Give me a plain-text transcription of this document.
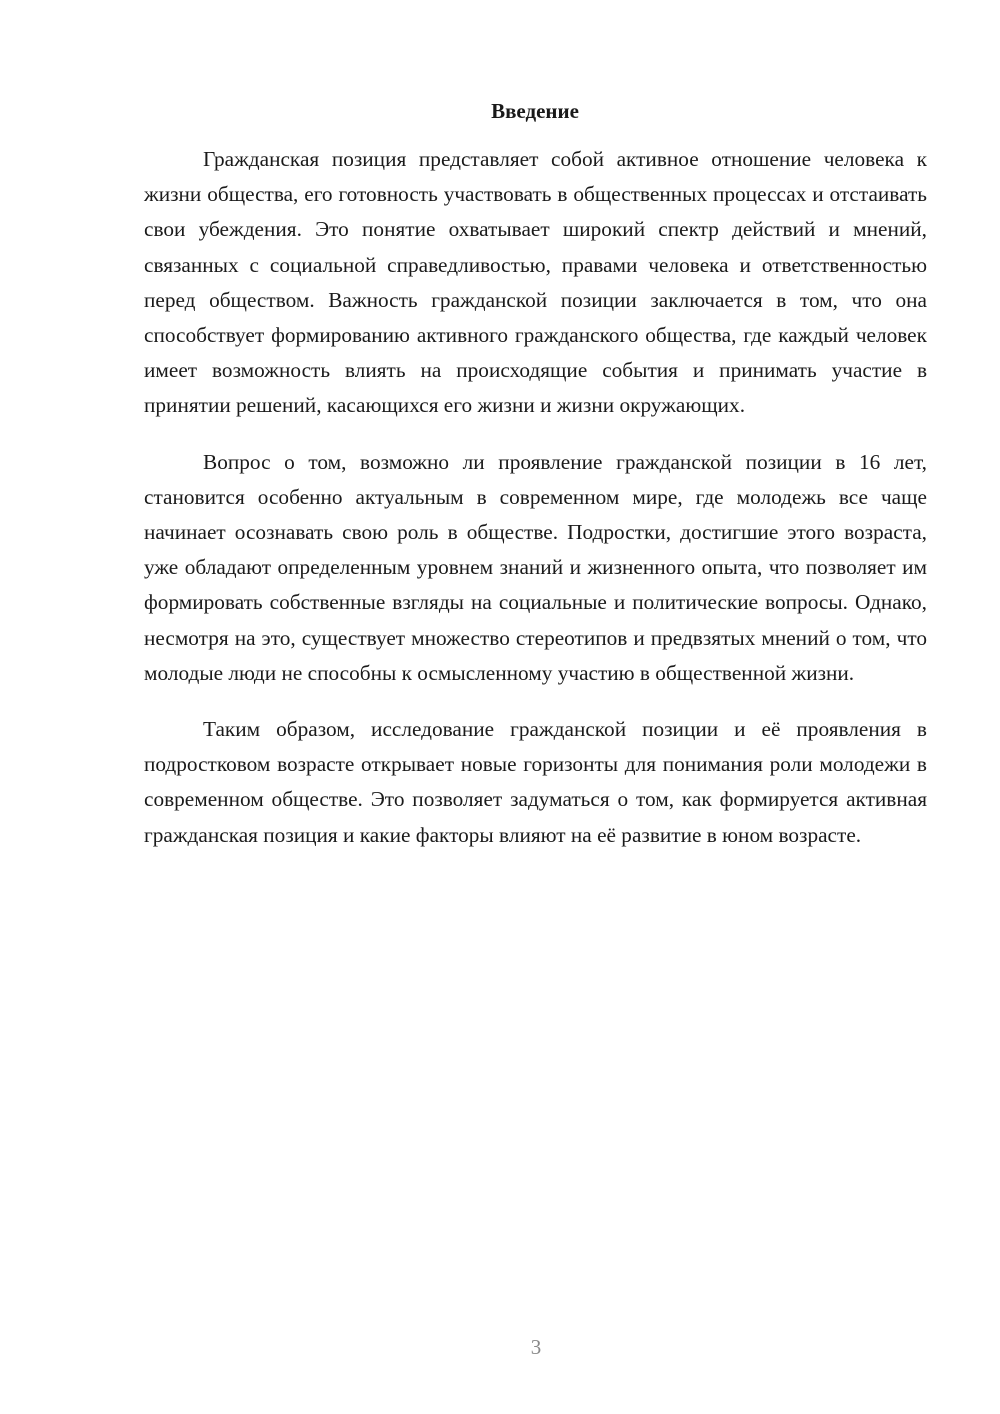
Введение

Гражданская позиция представляет собой активное отношение человека к жизни общества, его готовность участвовать в общественных процессах и отстаивать свои убеждения. Это понятие охватывает широкий спектр действий и мнений, связанных с социальной справедливостью, правами человека и ответственностью перед обществом. Важность гражданской позиции заключается в том, что она способствует формированию активного гражданского общества, где каждый человек имеет возможность влиять на происходящие события и принимать участие в принятии решений, касающихся его жизни и жизни окружающих.

Вопрос о том, возможно ли проявление гражданской позиции в 16 лет, становится особенно актуальным в современном мире, где молодежь все чаще начинает осознавать свою роль в обществе. Подростки, достигшие этого возраста, уже обладают определенным уровнем знаний и жизненного опыта, что позволяет им формировать собственные взгляды на социальные и политические вопросы. Однако, несмотря на это, существует множество стереотипов и предвзятых мнений о том, что молодые люди не способны к осмысленному участию в общественной жизни.

Таким образом, исследование гражданской позиции и её проявления в подростковом возрасте открывает новые горизонты для понимания роли молодежи в современном обществе. Это позволяет задуматься о том, как формируется активная гражданская позиция и какие факторы влияют на её развитие в юном возрасте.

3
